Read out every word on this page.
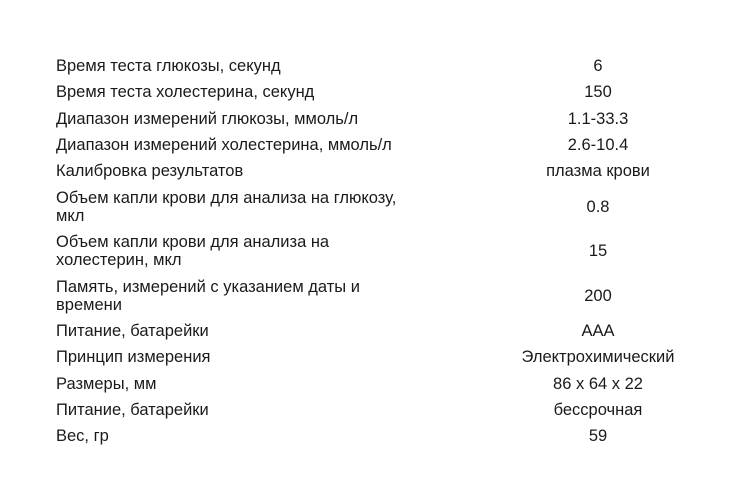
Время теста глюкозы, секунд	6
Время теста холестерина, секунд	150
Диапазон измерений глюкозы, ммоль/л	1.1-33.3
Диапазон измерений холестерина, ммоль/л	2.6-10.4
Калибровка результатов	плазма крови
Объем капли крови для анализа на глюкозу, мкл	0.8
Объем капли крови для анализа на холестерин, мкл	15
Память, измерений с указанием даты и времени	200
Питание, батарейки	AAA
Принцип измерения	Электрохимический
Размеры, мм	86 x 64 x 22
Питание, батарейки	бессрочная
Вес, гр	59
